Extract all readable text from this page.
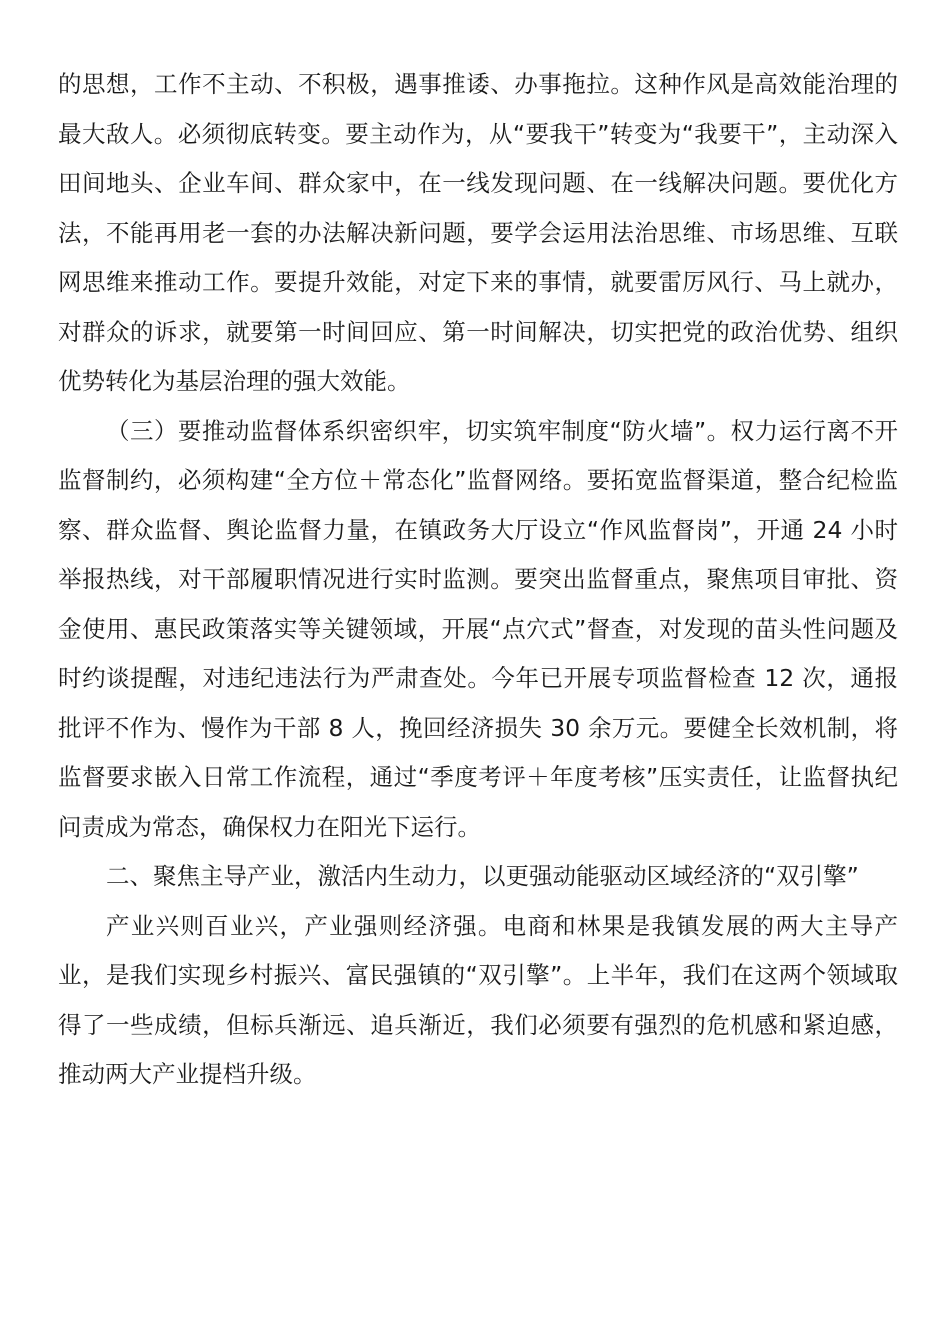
的思想，工作不主动、不积极，遇事推诿、办事拖拉。这种作风是高效能治理的最大敌人。必须彻底转变。要主动作为，从“要我干”转变为“我要干”，主动深入田间地头、企业车间、群众家中，在一线发现问题、在一线解决问题。要优化方法，不能再用老一套的办法解决新问题，要学会运用法治思维、市场思维、互联网思维来推动工作。要提升效能，对定下来的事情，就要雷厉风行、马上就办，对群众的诉求，就要第一时间回应、第一时间解决，切实把党的政治优势、组织优势转化为基层治理的强大效能。

（三）要推动监督体系织密织牢，切实筑牢制度“防火墙”。权力运行离不开监督制约，必须构建“全方位＋常态化”监督网络。要拓宽监督渠道，整合纪检监察、群众监督、舆论监督力量，在镇政务大厅设立“作风监督岗”，开通 24 小时举报热线，对干部履职情况进行实时监测。要突出监督重点，聚焦项目审批、资金使用、惠民政策落实等关键领域，开展“点穴式”督查，对发现的苗头性问题及时约谈提醒，对违纪违法行为严肃查处。今年已开展专项监督检查 12 次，通报批评不作为、慢作为干部 8 人，挽回经济损失 30 余万元。要健全长效机制，将监督要求嵌入日常工作流程，通过“季度考评＋年度考核”压实责任，让监督执纪问责成为常态，确保权力在阳光下运行。

二、聚焦主导产业，激活内生动力，以更强动能驱动区域经济的“双引擎”

产业兴则百业兴，产业强则经济强。电商和林果是我镇发展的两大主导产业，是我们实现乡村振兴、富民强镇的“双引擎”。上半年，我们在这两个领域取得了一些成绩，但标兵渐远、追兵渐近，我们必须要有强烈的危机感和紧迫感，推动两大产业提档升级。
